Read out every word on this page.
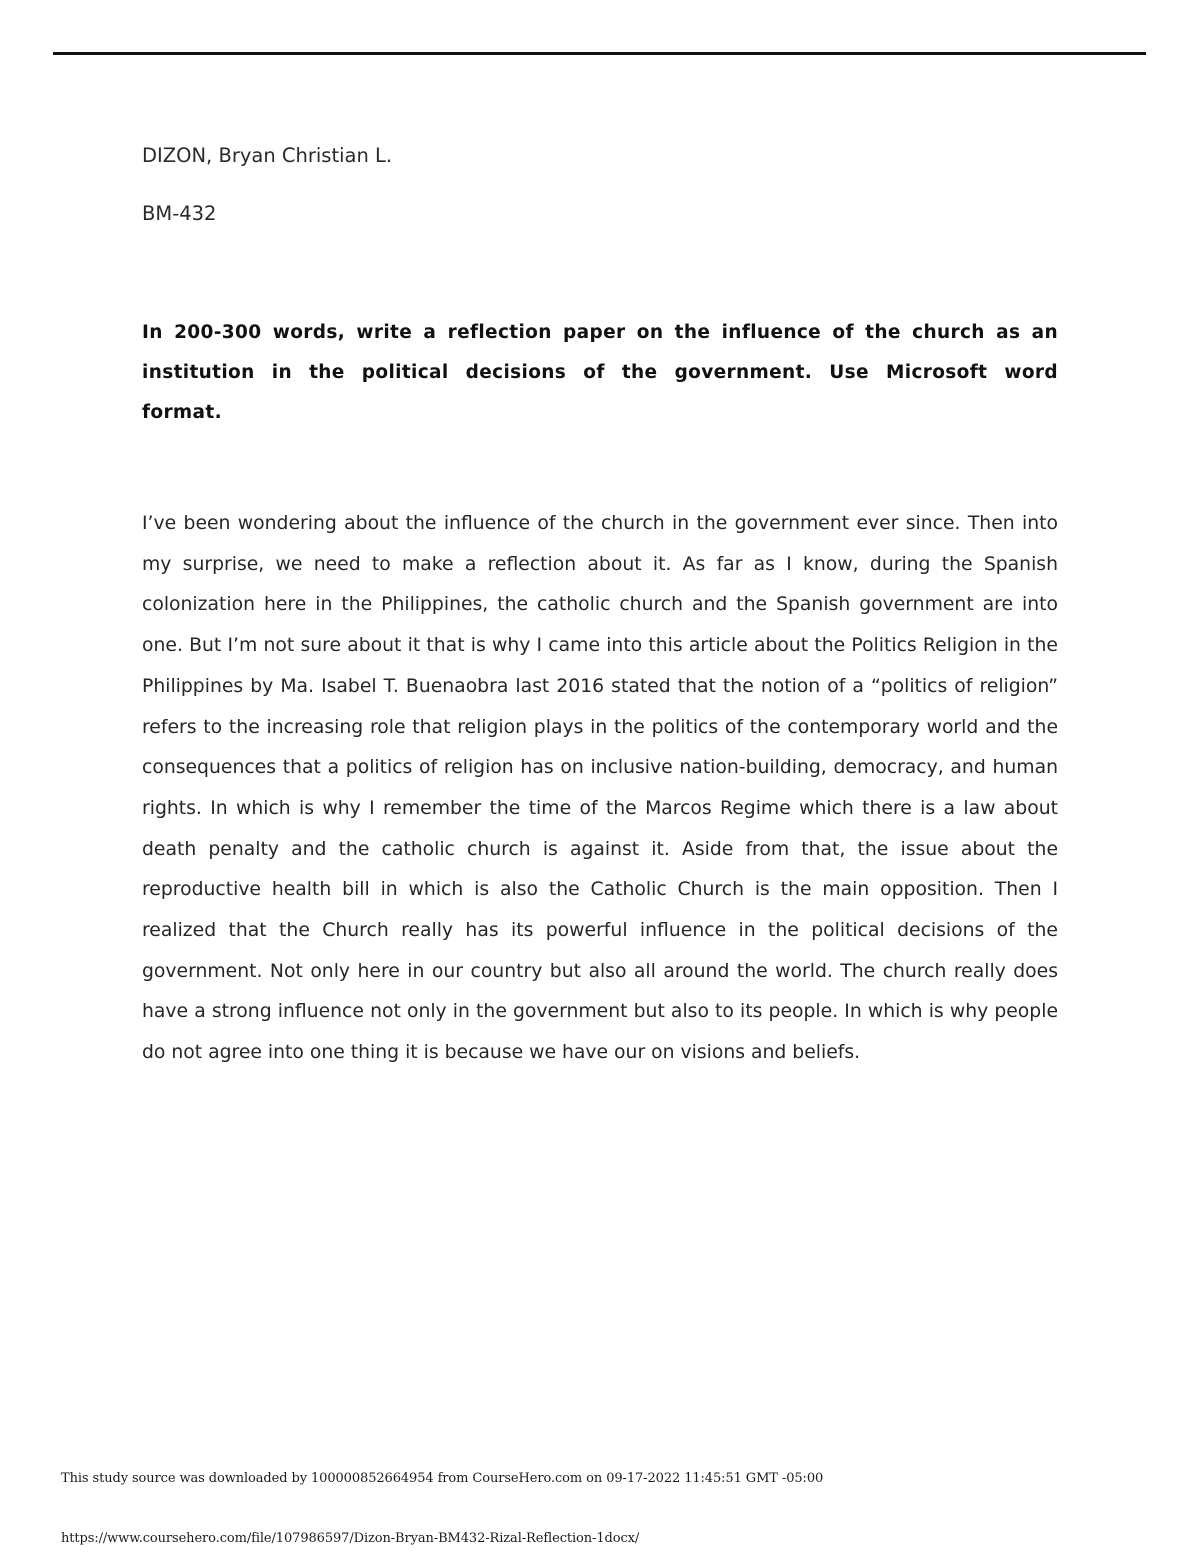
DIZON, Bryan Christian L.
BM-432

In 200-300 words, write a reflection paper on the influence of the church as an institution in the political decisions of the government. Use Microsoft word format.

I’ve been wondering about the influence of the church in the government ever since. Then into my surprise, we need to make a reflection about it. As far as I know, during the Spanish colonization here in the Philippines, the catholic church and the Spanish government are into one. But I’m not sure about it that is why I came into this article about the Politics Religion in the Philippines by Ma. Isabel T. Buenaobra last 2016 stated that the notion of a “politics of religion” refers to the increasing role that religion plays in the politics of the contemporary world and the consequences that a politics of religion has on inclusive nation-building, democracy, and human rights. In which is why I remember the time of the Marcos Regime which there is a law about death penalty and the catholic church is against it. Aside from that, the issue about the reproductive health bill in which is also the Catholic Church is the main opposition. Then I realized that the Church really has its powerful influence in the political decisions of the government. Not only here in our country but also all around the world. The church really does have a strong influence not only in the government but also to its people. In which is why people do not agree into one thing it is because we have our on visions and beliefs.

This study source was downloaded by 100000852664954 from CourseHero.com on 09-17-2022 11:45:51 GMT -05:00
https://www.coursehero.com/file/107986597/Dizon-Bryan-BM432-Rizal-Reflection-1docx/
